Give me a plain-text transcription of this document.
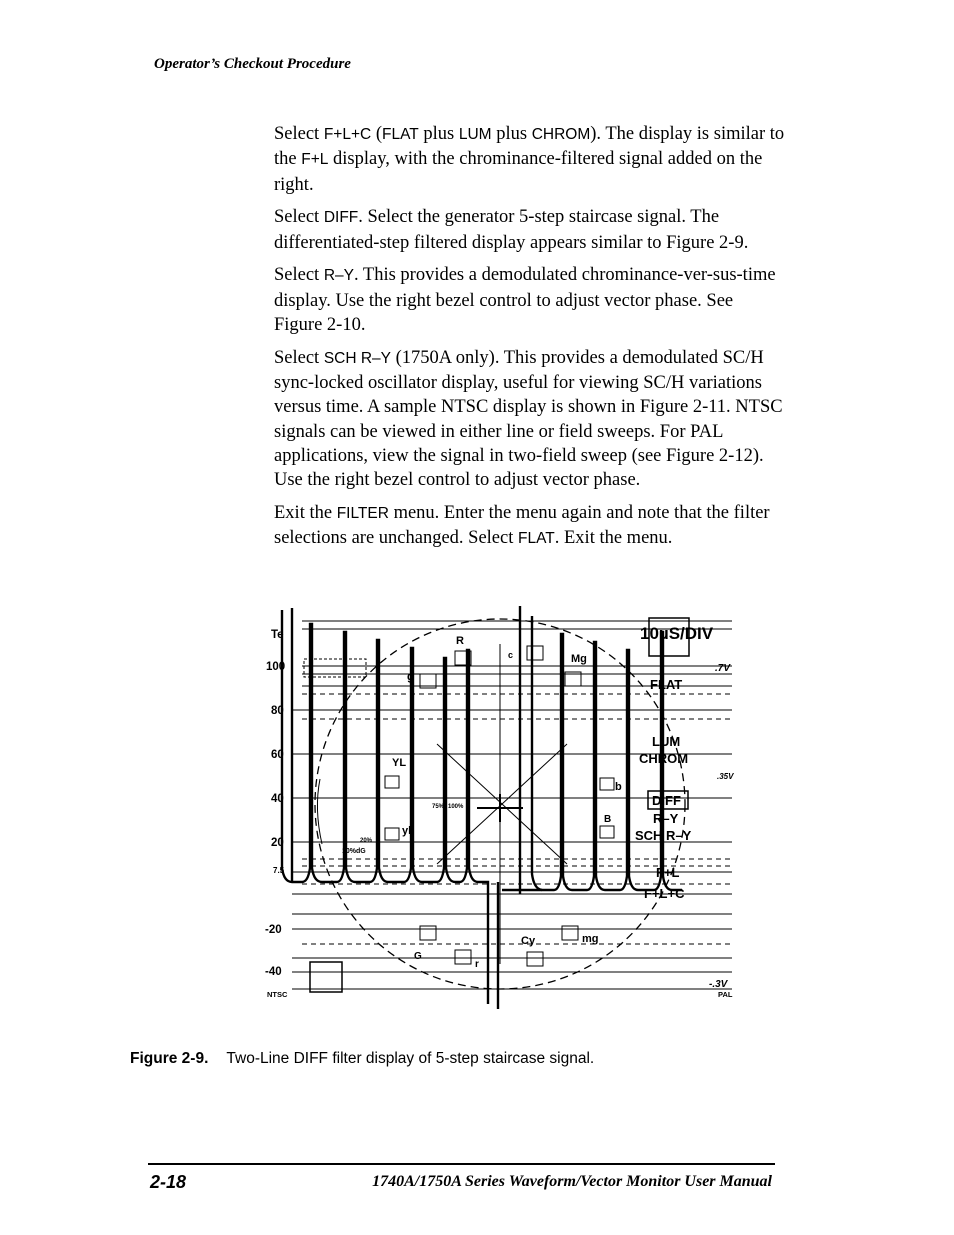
Operator’s Checkout Procedure

Select F+L+C (FLAT plus LUM plus CHROM). The display is similar to the F+L display, with the chrominance-filtered signal added on the right.

Select DIFF. Select the generator 5-step staircase signal. The differentiated-step filtered display appears similar to Figure 2-9.

Select R–Y. This provides a demodulated chrominance-ver-sus-time display. Use the right bezel control to adjust vector phase. See Figure 2-10.

Select SCH R–Y (1750A only). This provides a demodulated SC/H sync-locked oscillator display, useful for viewing SC/H variations versus time. A sample NTSC display is shown in Figure 2-11. NTSC signals can be viewed in either line or field sweeps. For PAL applications, view the signal in two-field sweep (see Figure 2-12). Use the right bezel control to adjust vector phase.

Exit the FILTER menu. Enter the menu again and note that the filter selections are unchanged. Select FLAT. Exit the menu.

Te
100
80
60
40
20
7.5
-20
-40
NTSC	PAL
10µS/DIV
.7V
.35V
-.3V
FLAT
LUM
CHROM
DIFF
R–Y
SCH R–Y
F+L
F+L+C
R
Mg
g
c
YL
b
B
yl
G
r
Cy	mg
75% 100%
20%
10%dG
Figure 2-9. Two-Line DIFF filter display of 5-step staircase signal.
2-18	1740A/1750A Series Waveform/Vector Monitor User Manual
